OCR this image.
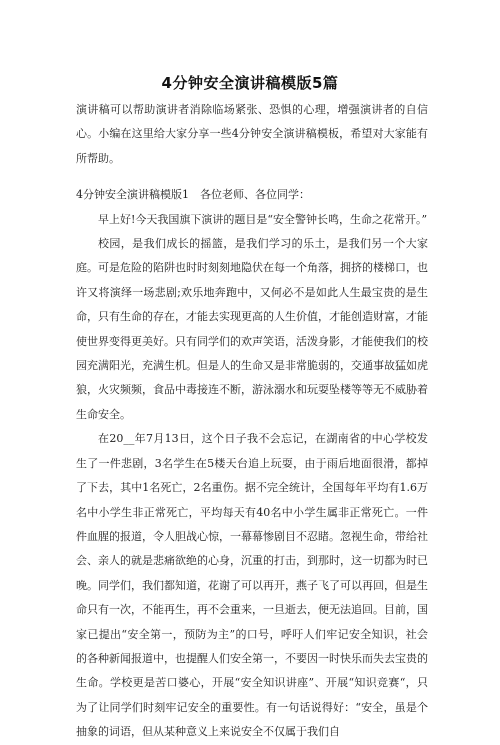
4分钟安全演讲稿模版5篇

演讲稿可以帮助演讲者消除临场紧张、恐惧的心理，增强演讲者的自信心。小编在这里给大家分享一些4分钟安全演讲稿模板，希望对大家能有所帮助。

4分钟安全演讲稿模版1　各位老师、各位同学：

早上好!今天我国旗下演讲的题目是“安全警钟长鸣，生命之花常开。”

校园，是我们成长的摇篮，是我们学习的乐土，是我们另一个大家庭。可是危险的陷阱也时时刻刻地隐伏在每一个角落，拥挤的楼梯口，也许又将演绎一场悲剧;欢乐地奔跑中，又何必不是如此人生最宝贵的是生命，只有生命的存在，才能去实现更高的人生价值，才能创造财富，才能使世界变得更美好。只有同学们的欢声笑语，活泼身影，才能使我们的校园充满阳光，充满生机。但是人的生命又是非常脆弱的，交通事故猛如虎狼，火灾频频，食品中毒接连不断，游泳溺水和玩耍坠楼等等无不威胁着生命安全。

在20__年7月13日，这个日子我不会忘记，在湖南省的中心学校发生了一件悲剧，3名学生在5楼天台追上玩耍，由于雨后地面很滑，都掉了下去，其中1名死亡，2名重伤。据不完全统计，全国每年平均有1.6万名中小学生非正常死亡，平均每天有40名中小学生属非正常死亡。一件件血腥的报道，令人胆战心惊，一幕幕惨剧目不忍睹。忽视生命，带给社会、亲人的就是悲痛欲绝的心身，沉重的打击，到那时，这一切都为时已晚。同学们，我们都知道，花谢了可以再开，燕子飞了可以再回，但是生命只有一次，不能再生，再不会重来，一旦逝去，便无法追回。目前，国家已提出“安全第一，预防为主”的口号，呼吁人们牢记安全知识，社会的各种新闻报道中，也提醒人们安全第一，不要因一时快乐而失去宝贵的生命。学校更是苦口婆心，开展“安全知识讲座”、开展“知识竞赛“，只为了让同学们时刻牢记安全的重要性。有一句话说得好：“安全，虽是个抽象的词语，但从某种意义上来说安全不仅属于我们自
